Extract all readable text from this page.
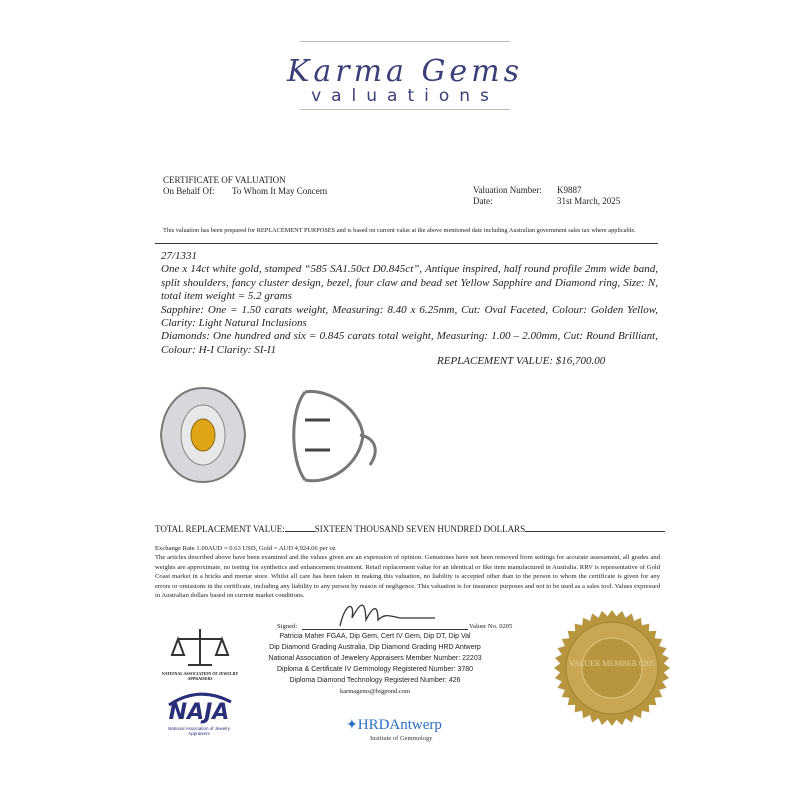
Karma Gems
valuations
CERTIFICATE OF VALUATION
On Behalf Of: To Whom It May Concern	Valuation Number: K9887
Date:	31st March, 2025
This valuation has been prepared for REPLACEMENT PURPOSES and is based on current value at the above mentioned date including Australian government sales tax where applicable.
27/1331
One x 14ct white gold, stamped “585 SA1.50ct D0.845ct”, Antique inspired, half round profile 2mm wide band, split shoulders, fancy cluster design, bezel, four claw and bead set Yellow Sapphire and Diamond ring, Size: N, total item weight = 5.2 grams
Sapphire: One = 1.50 carats weight, Measuring: 8.40 x 6.25mm, Cut: Oval Faceted, Colour: Golden Yellow, Clarity: Light Natural Inclusions
Diamonds: One hundred and six = 0.845 carats total weight, Measuring: 1.00 – 2.00mm, Cut: Round Brilliant, Colour: H-I Clarity: SI-I1
REPLACEMENT VALUE: $16,700.00
TOTAL REPLACEMENT VALUE:	SIXTEEN THOUSAND SEVEN HUNDRED DOLLARS
Exchange Rate 1.00AUD = 0.63 USD, Gold = AUD 4,924.06 per oz
The articles described above have been examined and the values given are an expression of opinion. Gemstones have not been removed from settings for accurate assessment, all grades and weights are approximate, no testing for synthetics and enhancement treatment. Retail replacement value for an identical or like item manufactured in Australia. RRV is representative of Gold Coast market in a bricks and mortar store. Whilst all care has been taken in making this valuation, no liability is accepted other than to the person to whom the certificate is given for any errors or omissions in the certificate, including any liability to any person by reason of negligence. This valuation is for insurance purposes and not to be used as a sales tool. Values expressed in Australian dollars based on current market conditions.
Signed:	Valuer No. 0205
Patricia Maher FGAA, Dip Gem, Cert IV Gem, Dip DT, Dip Val
Dip Diamond Grading Australia, Dip Diamond Grading HRD Antwerp
National Association of Jewelery Appraisers Member Number: 22203
Diploma & Certificate IV Gemmology Registered Number: 3780
Diploma Diamond Technology Registered Number: 426
karmagems@bigpond.com
NATIONAL ASSOCIATION OF JEWELRY APPRAISERS
NAJA
National Association of Jewelry Appraisers
✦HRDAntwerp
Institute of Gemmology
VALUER MEMBER 0205
